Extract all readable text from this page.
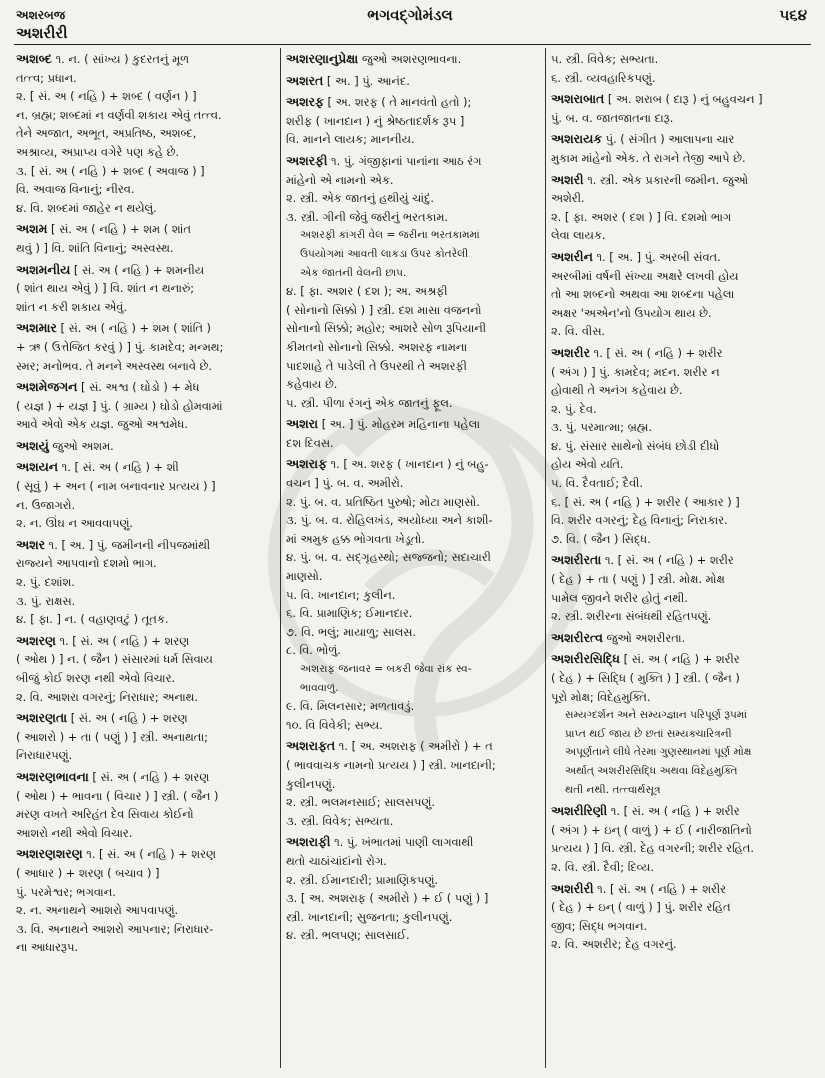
અશરબજ
અશરીરી
ભગવદ્ગોમંડલ	૫૬૪
અશબ્દ ૧. ન. ( સાંખ્ય ) કુદરતનું મૂળ
તત્ત્વ; પ્રધાન.
૨. [ સં. અ ( નહિ ) + શબ્દ ( વર્ણન ) ]
ન. બ્રહ્મ; શબ્દમાં ન વર્ણવી શકાય એવું તત્ત્વ.
તેને અજાત, અભૂત, અપ્રતિષ્ઠ, અશબ્દ,
અશ્રાવ્ય, અપ્રાપ્ય વગેરે પણ કહે છે.
૩. [ સં. અ ( નહિ ) + શબ્દ ( અવાજ ) ]
વિ. અવાજ વિનાનું; નીરવ.
૪. વિ. શબ્દમાં જાહેર ન થયેલું.
અશમ [ સં. અ ( નહિ ) + શમ ( શાંત
થવું ) ] વિ. શાંતિ વિનાનું; અસ્વસ્થ.
અશમનીય [ સં. અ ( નહિ ) + શમનીય
( શાંત થાય એવું ) ] વિ. શાંત ન થનારું;
શાંત ન કરી શકાય એવું.
અશમાર [ સં. અ ( નહિ ) + શમ ( શાંતિ )
+ ઋ ( ઉત્તેજિત કરવું ) ] પું. કામદેવ; મન્મથ;
સ્મર; મનોભવ. તે મનને અસ્વસ્થ બનાવે છે.
અશમેજગન [ સં. અશ્વ ( ઘોડો ) + મેધ
( યજ્ઞ ) + યજ્ઞ ] પું. ( ગ્રામ્ય ) ઘોડો હોમવામાં
આવે એવો એક યજ્ઞ. જુઓ અશ્વમેધ.
અશયું જુઓ અશમ.
અશયન ૧. [ સં. અ ( નહિ ) + શી
( સૂવું ) + અન ( નામ બનાવનાર પ્રત્યય ) ]
ન. ઉજાગરો.
૨. ન. ઊંઘ ન આવવાપણું.
અશર ૧. [ અ. ] પું. જમીનની નીપજમાંથી
રાજ્યને આપવાનો દશમો ભાગ.
૨. પું. દશાંશ.
૩. પું. રાક્ષસ.
૪. [ ફા. ] ન. ( વહાણવટું ) તૂતક.
અશરણ ૧. [ સં. અ ( નહિ ) + શરણ
( ઓથ ) ] ન. ( જૈન ) સંસારમાં ધર્મ સિવાય
બીજું કોઈ શરણ નથી એવો વિચાર.
૨. વિ. આશરા વગરનું; નિરાધાર; અનાથ.
અશરણતા [ સં. અ ( નહિ ) + શરણ
( આશરો ) + તા ( પણું ) ] સ્ત્રી. અનાથતા;
નિરાધારપણું.
અશરણભાવના [ સં. અ ( નહિ ) + શરણ
( ઓથ ) + ભાવના ( વિચાર ) ] સ્ત્રી. ( જૈન )
મરણ વખતે અરિહંત દેવ સિવાય કોઈનો
આશરો નથી એવો વિચાર.
અશરણશરણ ૧. [ સં. અ ( નહિ ) + શરણ
( આધાર ) + શરણ ( બચાવ ) ]
પું. પરમેશ્વર; ભગવાન.
૨. ન. અનાથને આશરો આપવાપણું.
૩. વિ. અનાથને આશરો આપનાર; નિરાધાર-
ના આધારરૂપ.
અશરણાનુપ્રેક્ષા જુઓ અશરણભાવના.
અશરત [ અ. ] પું. આનંદ.
અશરફ [ અ. શરફ ( તે માનવંતો હતો );
શરીફ ( ખાનદાન ) નું શ્રેષ્ઠતાદર્શક રૂપ ]
વિ. માનને લાયક; માનનીય.
અશરફી ૧. પું. ગંજીફાનાં પાનાંના આઠ રંગ
માંહેનો એ નામનો એક.
૨. સ્ત્રી. એક જાતનું હથીયું ચાંદું.
૩. સ્ત્રી. ગીની જેવું જરીનું ભરતકામ.
અશરફી કાંગરી વેલ = જરીના ભરતકામમાં
ઉપયોગમાં આવતી લાકડા ઉપર કોતરેલી
એક જાતની વેલની છાપ.
૪. [ ફા. અશર ( દશ ); અ. અશ્રફી
( સોનાનો સિક્કો ) ] સ્ત્રી. દશ માસા વજનનો
સોનાનો સિક્કો; મહોર; આશરે સોળ રૂપિયાની
કીમતનો સોનાનો સિક્કો. અશરફ નામના
પાદશાહે તે પાડેલી તે ઉપરથી તે અશરફી
કહેવાય છે.
૫. સ્ત્રી. પીળા રંગનું એક જાતનું ફૂલ.
અશરા [ અ. ] પું. મોહરમ મહિનાના પહેલા
દશ દિવસ.
અશરાફ ૧. [ અ. શરફ ( ખાનદાન ) નું બહુ-
વચન ] પું. બ. વ. અમીરો.
૨. પું. બ. વ. પ્રતિષ્ઠિત પુરુષો; મોટા માણસો.
૩. પું. બ. વ. રોહિલખંડ, અયોધ્યા અને કાશી-
માં અમુક હક્ક ભોગવતા ખેડૂતો.
૪. પું. બ. વ. સદ્‌ગૃહસ્થો; સજ્જનો; સદાચારી
માણસો.
૫. વિ. ખાનદાન; કુલીન.
૬. વિ. પ્રામાણિક; ઈમાનદાર.
૭. વિ. ભલું; માયાળુ; સાલસ.
૮. વિ. ભોળું.
અશરાફ જનાવર = બકરી જેવા રાંક સ્વ-
ભાવવાળું.
૯. વિ. મિલનસાર; મળતાવડું.
૧૦. વિ વિવેકી; સભ્ય.
અશરાફત ૧. [ અ. અશરાફ ( અમીરો ) + ત
( ભાવવાચક નામનો પ્રત્યય ) ] સ્ત્રી. ખાનદાની;
કુલીનપણું.
૨. સ્ત્રી. ભલમનસાઈ; સાલસપણું.
૩. સ્ત્રી. વિવેક; સભ્યતા.
અશરાફી ૧. પું. ખંભાતમાં પાણી લાગવાથી
થતો ચાઠાંચાંદાંનો રોગ.
૨. સ્ત્રી. ઈમાનદારી; પ્રામાણિકપણું.
૩. [ અ. અશરાફ ( અમીરો ) + ઈ ( પણું ) ]
સ્ત્રી. ખાનદાની; સુજનતા; કુલીનપણું.
૪. સ્ત્રી. ભલપણ; સાલસાઈ.
૫. સ્ત્રી. વિવેક; સભ્યતા.
૬. સ્ત્રી. વ્યવહારિકપણું.
અશરાબાત [ અ. શરાબ ( દારૂ ) નું બહુવચન ]
પું. બ. વ. જાતજાતના દારૂ.
અશરાયક પું. ( સંગીત ) આલાપના ચાર
મુકામ માંહેનો એક. તે રાગને તેજી આપે છે.
અશરી ૧. સ્ત્રી. એક પ્રકારની જમીન. જુઓ
અશેરી.
૨. [ ફા. અશર ( દશ ) ] વિ. દશમો ભાગ
લેવા લાયક.
અશરીન ૧. [ અ. ] પું. અરબી સંવત.
અરબીમાં વર્ષની સંખ્યા અક્ષરે લખવી હોય
તો આ શબ્દનો અથવા આ શબ્દના પહેલા
અક્ષર 'અએન'નો ઉપયોગ થાય છે.
૨. વિ. વીસ.
અશરીર ૧. [ સં. અ ( નહિ ) + શરીર
( અંગ ) ] પું. કામદેવ; મદન. શરીર ન
હોવાથી તે અનંગ કહેવાય છે.
૨. પું. દેવ.
૩. પું. પરમાત્મા; બ્રહ્મ.
૪. પું. સંસાર સાથેનો સંબંધ છોડી દીધો
હોય એવો યતિ.
૫. વિ. દૈવતાઈ; દૈવી.
૬. [ સં. અ ( નહિ ) + શરીર ( આકાર ) ]
વિ. શરીર વગરનું; દેહ વિનાનું; નિરાકાર.
૭. વિ. ( જૈન ) સિદ્ધ.
અશરીરતા ૧. [ સં. અ ( નહિ ) + શરીર
( દેહ ) + તા ( પણું ) ] સ્ત્રી. મોક્ષ. મોક્ષ
પામેલ જીવને શરીર હોતું નથી.
૨. સ્ત્રી. શરીરના સંબંધથી રહિતપણું.
અશરીરત્વ જુઓ અશરીરતા.
અશરીરસિદ્ધિ [ સં. અ ( નહિ ) + શરીર
( દેહ ) + સિદ્ધિ ( મુક્તિ ) ] સ્ત્રી. ( જૈન )
પૂરો મોક્ષ; વિદેહમુક્તિ.
સમ્યગ્દર્શન અને સમ્યગ્જ્ઞાન પરિપૂર્ણ રૂપમાં
પ્રાપ્ત થઈ જાય છે છતાં સમ્યક્ચારિત્રની
અપૂર્ણતાને લીધે તેરમા ગુણસ્થાનમાં પૂર્ણ મોક્ષ
અર્થાત્ અશરીરસિદ્ધિ અથવા વિદેહમુક્તિ
થતી નથી. તત્ત્વાર્થસૂત્ર
અશરીરિણી ૧. [ સં. અ ( નહિ ) + શરીર
( અંગ ) + ઇન્ ( વાળું ) + ઈ ( નારીજાતિનો
પ્રત્યય ) ] વિ. સ્ત્રી. દેહ વગરની; શરીર રહિત.
૨. વિ. સ્ત્રી. દૈવી; દિવ્ય.
અશરીરી ૧. [ સં. અ ( નહિ ) + શરીર
( દેહ ) + ઇન્ ( વાળું ) ] પું. શરીર રહિત
જીવ; સિદ્ધ ભગવાન.
૨. વિ. અશરીર; દેહ વગરનું.
